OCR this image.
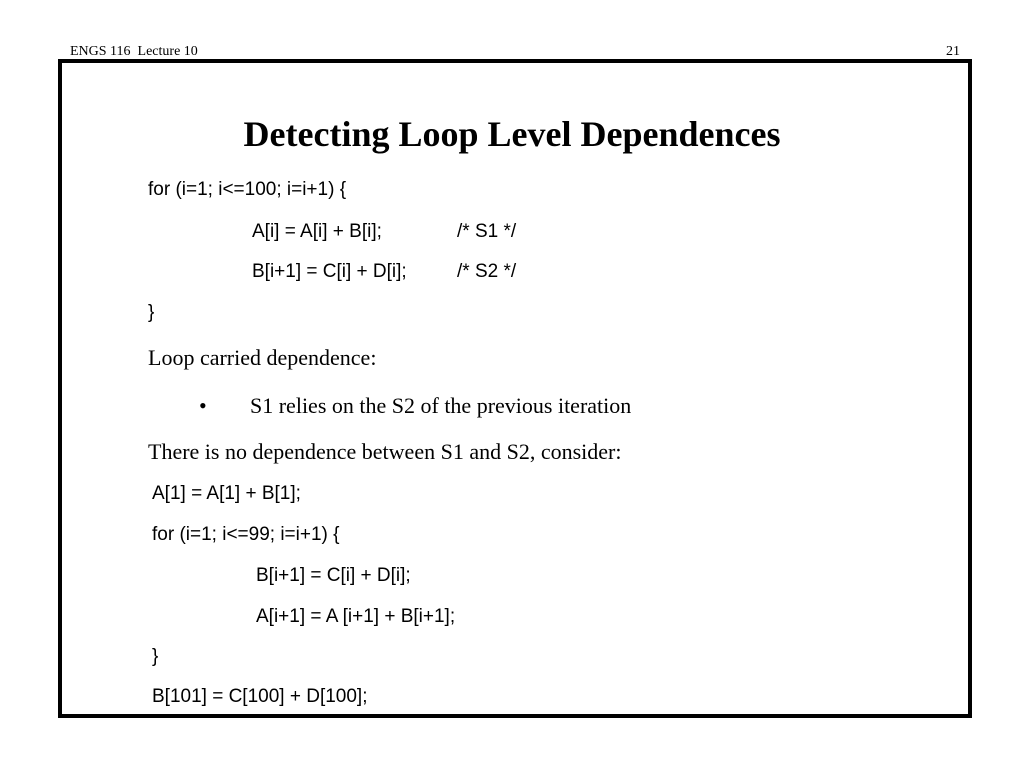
ENGS 116  Lecture 10	21
Detecting Loop Level Dependences
for (i=1; i<=100; i=i+1) {
A[i] = A[i] + B[i];	/* S1 */
B[i+1] = C[i] + D[i];	/* S2 */
}
Loop carried dependence:
• S1 relies on the S2 of the previous iteration
There is no dependence between S1 and S2, consider:
A[1] = A[1] + B[1];
for (i=1; i<=99; i=i+1) {
B[i+1] = C[i] + D[i];
A[i+1] = A [i+1] + B[i+1];
}
B[101] = C[100] + D[100];
